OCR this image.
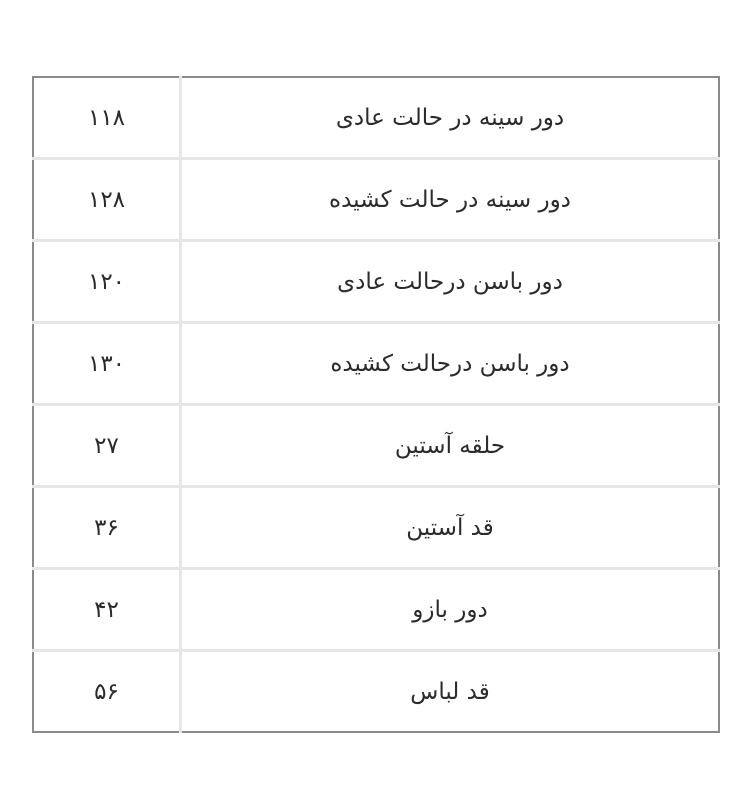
۱۱۸	دور سینه در حالت عادی
۱۲۸	دور سینه در حالت کشیده
۱۲۰	دور باسن درحالت عادی
۱۳۰	دور باسن درحالت کشیده
۲۷	حلقه آستین
۳۶	قد آستین
۴۲	دور بازو
۵۶	قد لباس
